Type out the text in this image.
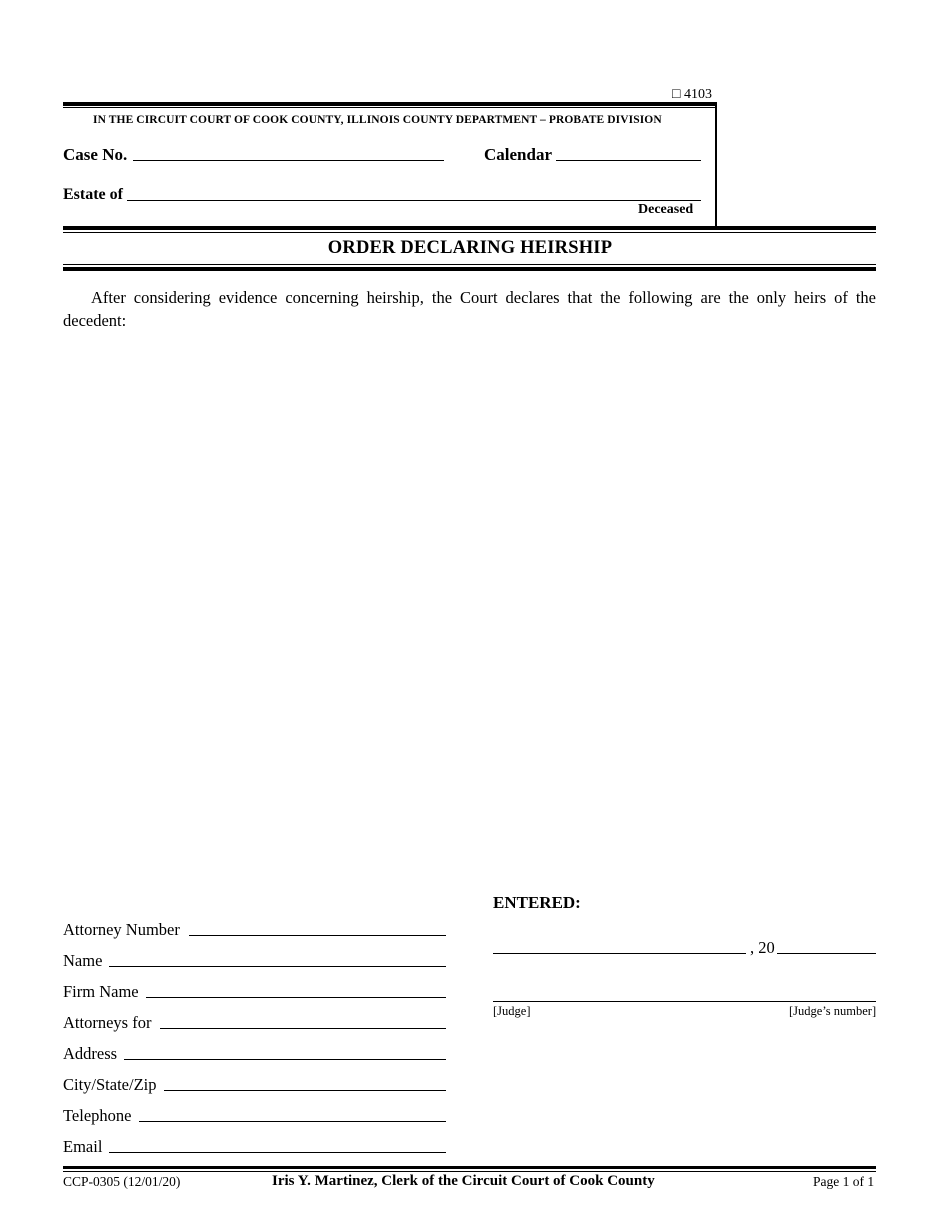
□ 4103
IN THE CIRCUIT COURT OF COOK COUNTY, ILLINOIS COUNTY DEPARTMENT – PROBATE DIVISION
Case No.	Calendar
Estate of
Deceased
ORDER DECLARING HEIRSHIP
After considering evidence concerning heirship, the Court declares that the following are the only heirs of the decedent:
ENTERED:
, 20
[Judge]	[Judge’s number]
Attorney Number
Name
Firm Name
Attorneys for
Address
City/State/Zip
Telephone
Email
CCP-0305 (12/01/20)	Iris Y. Martinez, Clerk of the Circuit Court of Cook County	Page 1 of 1
